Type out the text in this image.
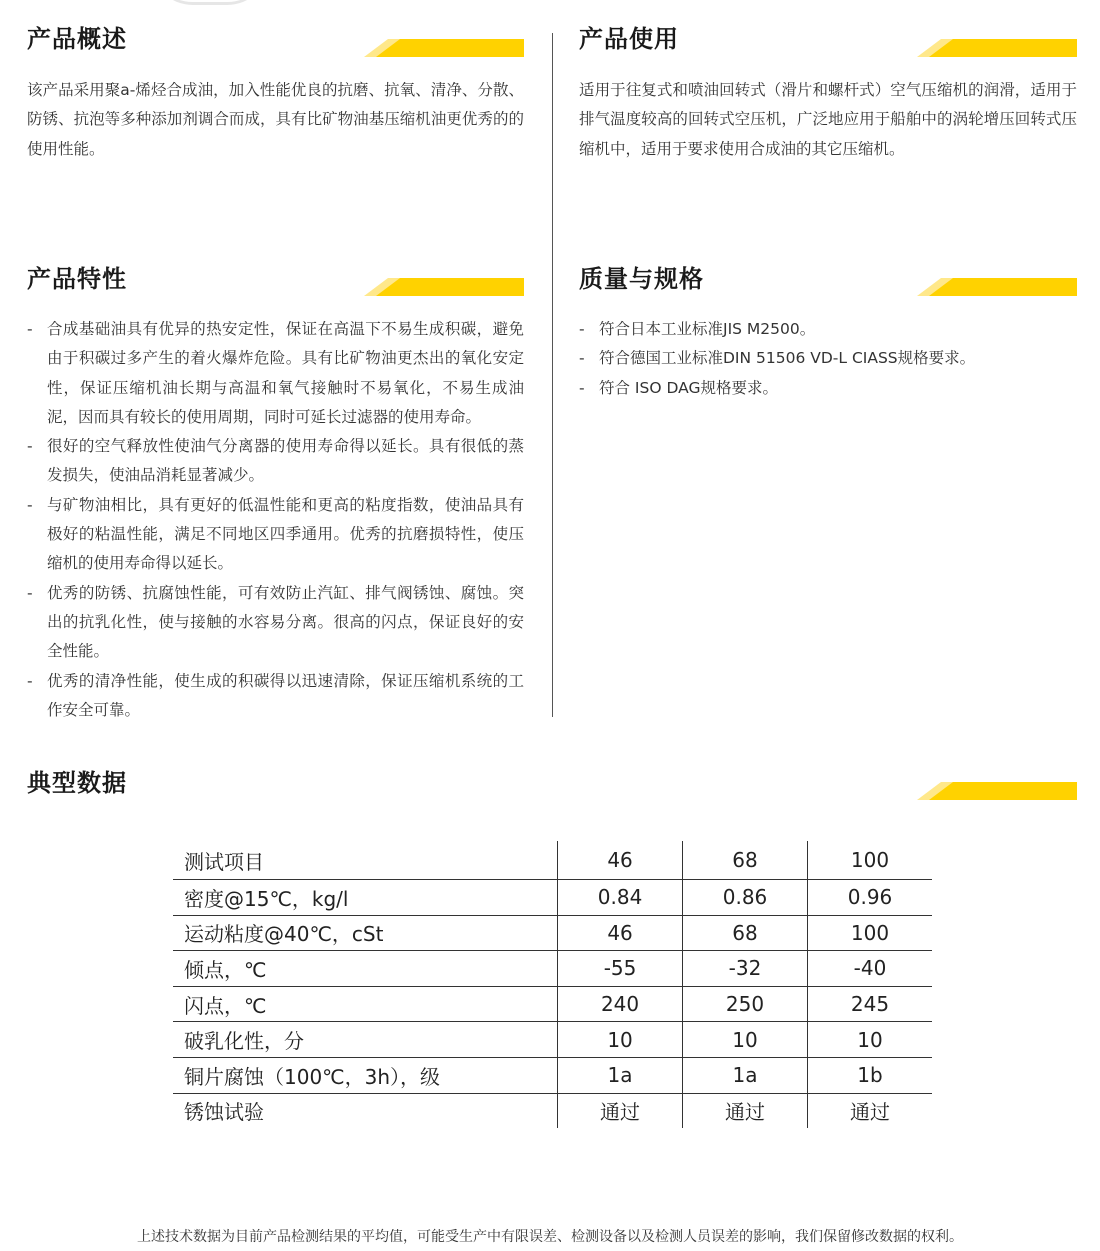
产品概述
该产品采用聚a-烯烃合成油，加入性能优良的抗磨、抗氧、清净、分散、防锈、抗泡等多种添加剂调合而成，具有比矿物油基压缩机油更优秀的的使用性能。
产品使用
适用于往复式和喷油回转式（滑片和螺杆式）空气压缩机的润滑，适用于排气温度较高的回转式空压机，广泛地应用于船舶中的涡轮增压回转式压缩机中，适用于要求使用合成油的其它压缩机。
产品特性
- 合成基础油具有优异的热安定性，保证在高温下不易生成积碳，避免由于积碳过多产生的着火爆炸危险。具有比矿物油更杰出的氧化安定性，保证压缩机油长期与高温和氧气接触时不易氧化，不易生成油泥，因而具有较长的使用周期，同时可延长过滤器的使用寿命。
- 很好的空气释放性使油气分离器的使用寿命得以延长。具有很低的蒸发损失，使油品消耗显著减少。
- 与矿物油相比，具有更好的低温性能和更高的粘度指数，使油品具有极好的粘温性能，满足不同地区四季通用。优秀的抗磨损特性，使压缩机的使用寿命得以延长。
- 优秀的防锈、抗腐蚀性能，可有效防止汽缸、排气阀锈蚀、腐蚀。突出的抗乳化性，使与接触的水容易分离。很高的闪点，保证良好的安全性能。
- 优秀的清净性能，使生成的积碳得以迅速清除，保证压缩机系统的工作安全可靠。
质量与规格
- 符合日本工业标准JIS M2500。
- 符合德国工业标准DIN 51506 VD-L CIASS规格要求。
- 符合 ISO DAG规格要求。
典型数据
测试项目	46	68	100
密度@15℃，kg/l	0.84	0.86	0.96
运动粘度@40℃，cSt	46	68	100
倾点，℃	-55	-32	-40
闪点，℃	240	250	245
破乳化性，分	10	10	10
铜片腐蚀（100℃，3h），级	1a	1a	1b
锈蚀试验	通过	通过	通过
上述技术数据为目前产品检测结果的平均值，可能受生产中有限误差、检测设备以及检测人员误差的影响，我们保留修改数据的权利。
